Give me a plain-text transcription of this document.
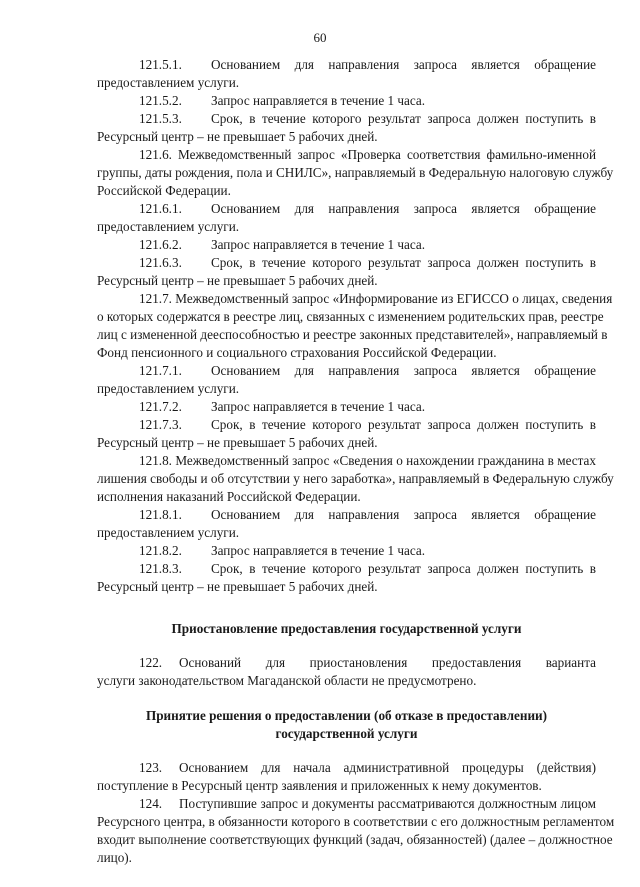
60
121.5.1.	Основанием для направления запроса является обращение
предоставлением услуги.
121.5.2.	Запрос направляется в течение 1 часа.
121.5.3.	Срок, в течение которого результат запроса должен поступить в
Ресурсный центр – не превышает 5 рабочих дней.
121.6. Межведомственный запрос «Проверка соответствия фамильно-именной
группы, даты рождения, пола и СНИЛС», направляемый в Федеральную налоговую службу
Российской Федерации.
121.6.1.	Основанием для направления запроса является обращение
предоставлением услуги.
121.6.2.	Запрос направляется в течение 1 часа.
121.6.3.	Срок, в течение которого результат запроса должен поступить в
Ресурсный центр – не превышает 5 рабочих дней.
121.7. Межведомственный запрос «Информирование из ЕГИССО о лицах, сведения
о которых содержатся в реестре лиц, связанных с изменением родительских прав, реестре
лиц с измененной дееспособностью и реестре законных представителей», направляемый в
Фонд пенсионного и социального страхования Российской Федерации.
121.7.1.	Основанием для направления запроса является обращение
предоставлением услуги.
121.7.2.	Запрос направляется в течение 1 часа.
121.7.3.	Срок, в течение которого результат запроса должен поступить в
Ресурсный центр – не превышает 5 рабочих дней.
121.8. Межведомственный запрос «Сведения о нахождении гражданина в местах
лишения свободы и об отсутствии у него заработка», направляемый в Федеральную службу
исполнения наказаний Российской Федерации.
121.8.1.	Основанием для направления запроса является обращение
предоставлением услуги.
121.8.2.	Запрос направляется в течение 1 часа.
121.8.3.	Срок, в течение которого результат запроса должен поступить в
Ресурсный центр – не превышает 5 рабочих дней.
Приостановление предоставления государственной услуги
122.	Оснований для приостановления предоставления варианта
услуги законодательством Магаданской области не предусмотрено.
Принятие решения о предоставлении (об отказе в предоставлении)
государственной услуги
123.	Основанием для начала административной процедуры (действия)
поступление в Ресурсный центр заявления и приложенных к нему документов.
124.	Поступившие запрос и документы рассматриваются должностным лицом
Ресурсного центра, в обязанности которого в соответствии с его должностным регламентом
входит выполнение соответствующих функций (задач, обязанностей) (далее – должностное
лицо).
